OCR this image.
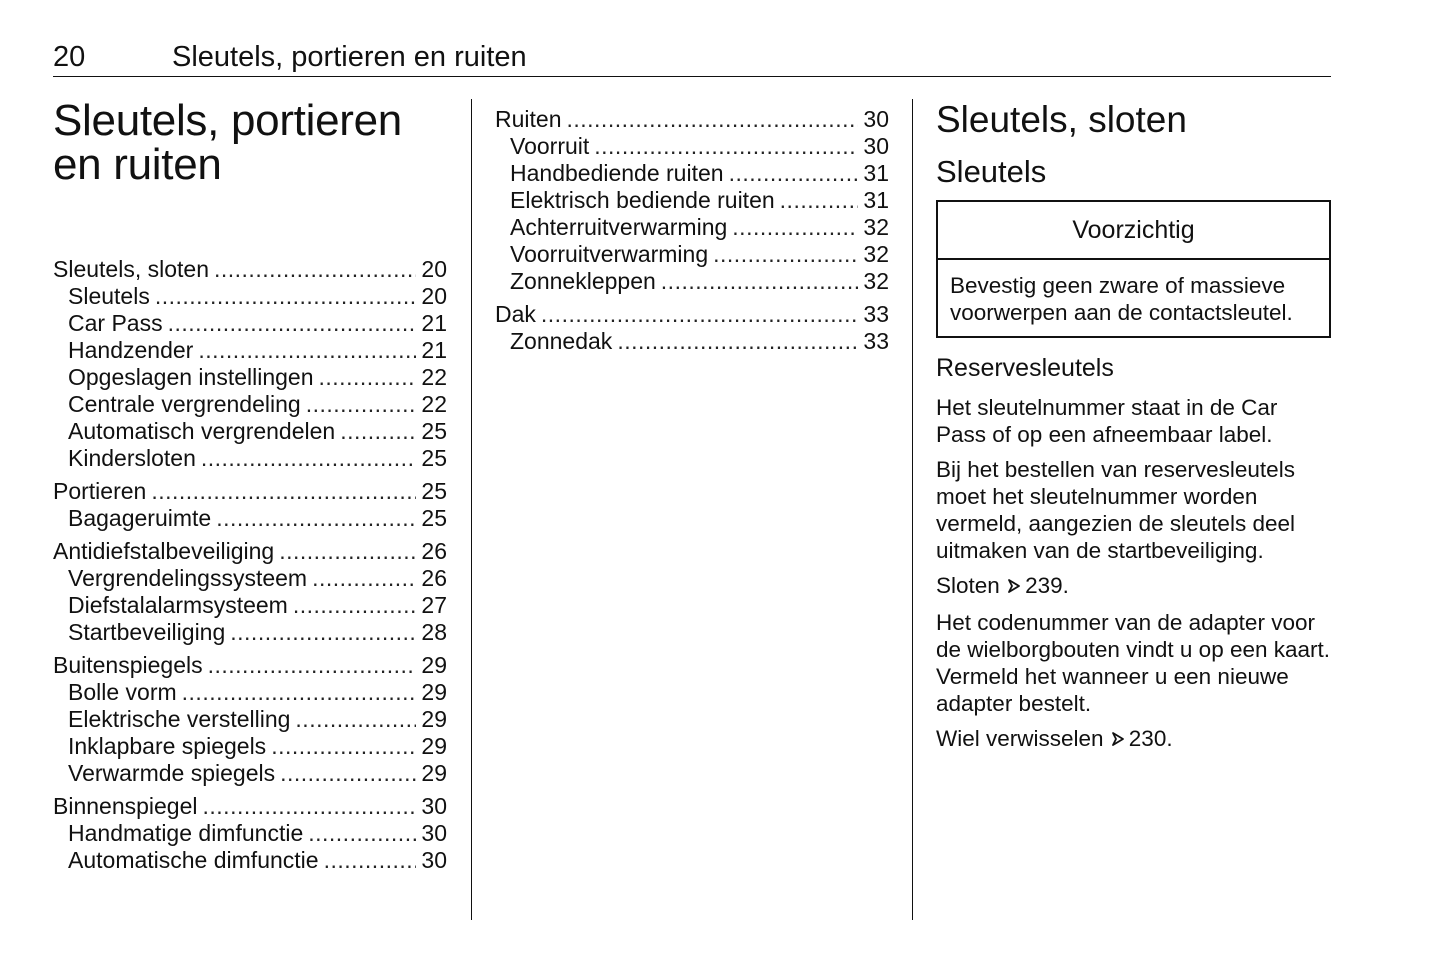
20	Sleutels, portieren en ruiten
Sleutels, portieren
en ruiten
Sleutels, sloten .....	20
Sleutels .....	20
Car Pass .....	21
Handzender .....	21
Opgeslagen instellingen .....	22
Centrale vergrendeling .....	22
Automatisch vergrendelen .....	25
Kindersloten .....	25
Portieren .....	25
Bagageruimte .....	25
Antidiefstalbeveiliging .....	26
Vergrendelingssysteem .....	26
Diefstalalarmsysteem .....	27
Startbeveiliging .....	28
Buitenspiegels .....	29
Bolle vorm .....	29
Elektrische verstelling .....	29
Inklapbare spiegels .....	29
Verwarmde spiegels .....	29
Binnenspiegel .....	30
Handmatige dimfunctie .....	30
Automatische dimfunctie .....	30
Ruiten .....	30
Voorruit .....	30
Handbediende ruiten .....	31
Elektrisch bediende ruiten .....	31
Achterruitverwarming .....	32
Voorruitverwarming .....	32
Zonnekleppen .....	32
Dak .....	33
Zonnedak .....	33
Sleutels, sloten
Sleutels
Voorzichtig
Bevestig geen zware of massieve voorwerpen aan de contactsleutel.
Reservesleutels

Het sleutelnummer staat in de Car Pass of op een afneembaar label.

Bij het bestellen van reservesleutels moet het sleutelnummer worden vermeld, aangezien de sleutels deel uitmaken van de startbeveiliging.

Sloten 239.

Het codenummer van de adapter voor de wielborgbouten vindt u op een kaart. Vermeld het wanneer u een nieuwe adapter bestelt.

Wiel verwisselen 230.
